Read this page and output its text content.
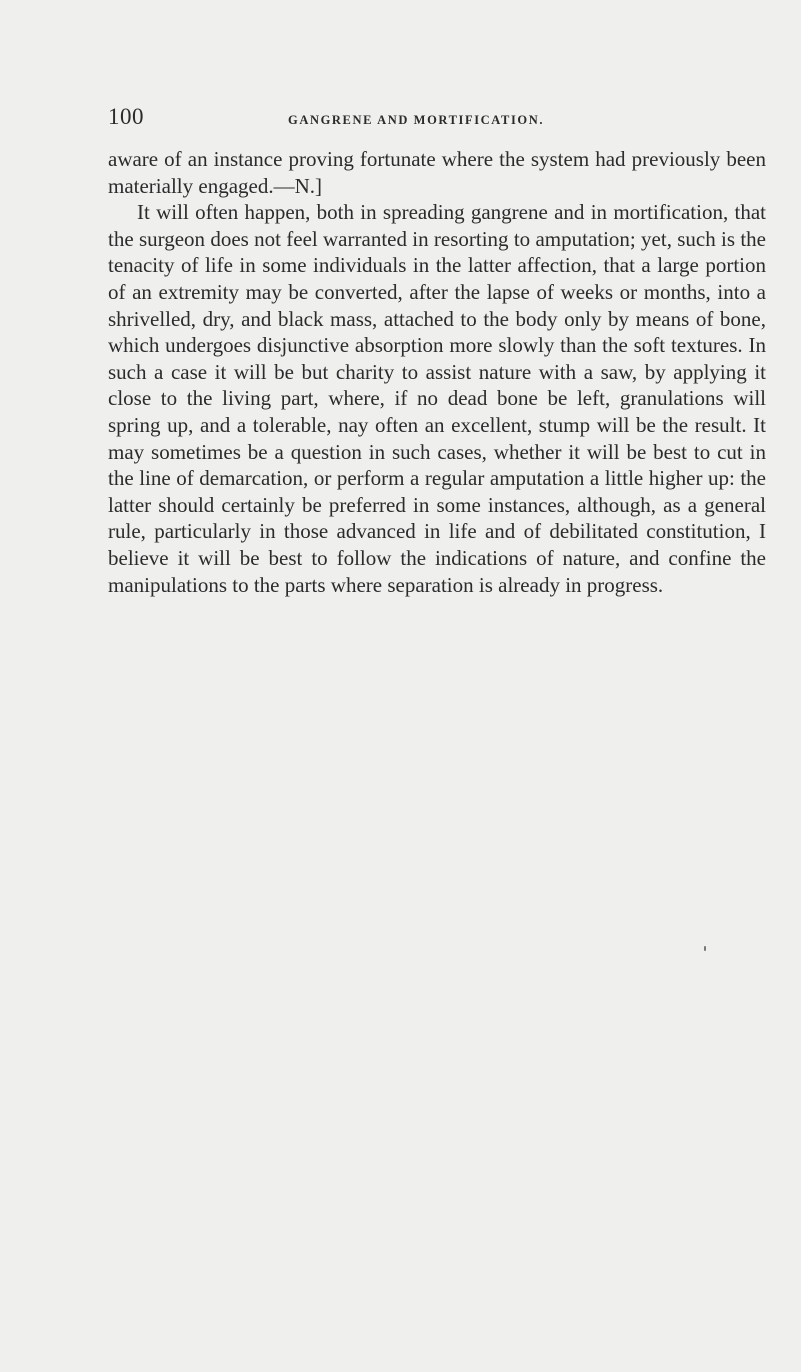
100	GANGRENE AND MORTIFICATION.

aware of an instance proving fortunate where the system had previously been materially engaged.—N.]

It will often happen, both in spreading gangrene and in mortification, that the surgeon does not feel warranted in resorting to amputation; yet, such is the tenacity of life in some individuals in the latter affection, that a large portion of an extremity may be converted, after the lapse of weeks or months, into a shrivelled, dry, and black mass, attached to the body only by means of bone, which undergoes disjunctive absorption more slowly than the soft textures. In such a case it will be but charity to assist nature with a saw, by applying it close to the living part, where, if no dead bone be left, granulations will spring up, and a tolerable, nay often an excellent, stump will be the result. It may sometimes be a question in such cases, whether it will be best to cut in the line of demarcation, or perform a regular amputation a little higher up: the latter should certainly be preferred in some instances, although, as a general rule, particularly in those advanced in life and of debilitated constitution, I believe it will be best to follow the indications of nature, and confine the manipulations to the parts where separation is already in progress.
